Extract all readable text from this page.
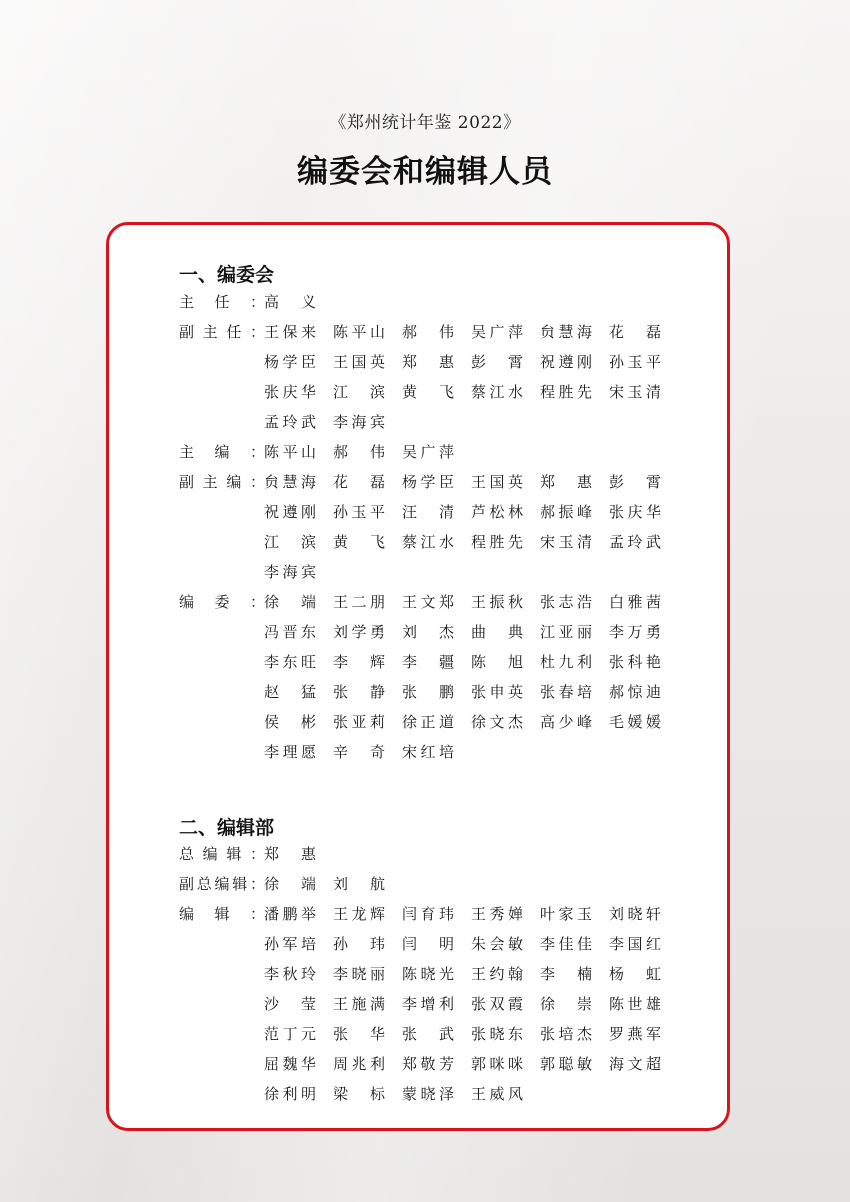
《郑州统计年鉴 2022》
编委会和编辑人员
一、编委会
主 任 ： 高　义
副 主 任 ： 王保来 陈平山 郝　伟 吴广萍 贠慧海 花　磊
杨学臣 王国英 郑　惠 彭　霄 祝遵刚 孙玉平
张庆华 江　滨 黄　飞 蔡江水 程胜先 宋玉清
孟玲武 李海宾
主 编 ： 陈平山 郝　伟 吴广萍
副 主 编 ： 贠慧海 花　磊 杨学臣 王国英 郑　惠 彭　霄
祝遵刚 孙玉平 汪　清 芦松林 郝振峰 张庆华
江　滨 黄　飞 蔡江水 程胜先 宋玉清 孟玲武
李海宾
编 委 ： 徐　端 王二朋 王文郑 王振秋 张志浩 白雅茜
冯晋东 刘学勇 刘　杰 曲　典 江亚丽 李万勇
李东旺 李　辉 李　疆 陈　旭 杜九利 张科艳
赵　猛 张　静 张　鹏 张申英 张春培 郝惊迪
侯　彬 张亚莉 徐正道 徐文杰 高少峰 毛媛媛
李理愿 辛　奇 宋红培
二、编辑部
总 编 辑 ： 郑　惠
副 总 编 辑 ： 徐　端 刘　航
编 辑 ： 潘鹏举 王龙辉 闫育玮 王秀婵 叶家玉 刘晓轩
孙军培 孙　玮 闫　明 朱会敏 李佳佳 李国红
李秋玲 李晓丽 陈晓光 王约翰 李　楠 杨　虹
沙　莹 王施满 李增利 张双霞 徐　崇 陈世雄
范丁元 张　华 张　武 张晓东 张培杰 罗燕军
屈魏华 周兆利 郑敬芳 郭咪咪 郭聪敏 海文超
徐利明 梁　标 蒙晓泽 王威风
